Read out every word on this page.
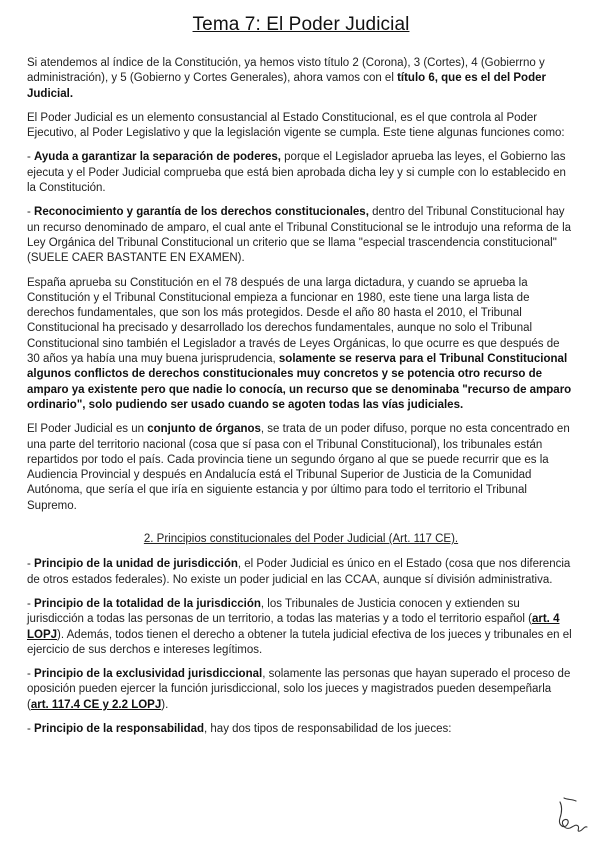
Tema 7: El Poder Judicial

Si atendemos al índice de la Constitución, ya hemos visto título 2 (Corona), 3 (Cortes), 4 (Gobierrno y administración), y 5 (Gobierno y Cortes Generales), ahora vamos con el título 6, que es el del Poder Judicial.

El Poder Judicial es un elemento consustancial al Estado Constitucional, es el que controla al Poder Ejecutivo, al Poder Legislativo y que la legislación vigente se cumpla. Este tiene algunas funciones como:

- Ayuda a garantizar la separación de poderes, porque el Legislador aprueba las leyes, el Gobierno las ejecuta y el Poder Judicial comprueba que está bien aprobada dicha ley y si cumple con lo establecido en la Constitución.

- Reconocimiento y garantía de los derechos constitucionales, dentro del Tribunal Constitucional hay un recurso denominado de amparo, el cual ante el Tribunal Constitucional se le introdujo una reforma de la Ley Orgánica del Tribunal Constitucional un criterio que se llama "especial trascendencia constitucional" (SUELE CAER BASTANTE EN EXAMEN).

España aprueba su Constitución en el 78 después de una larga dictadura, y cuando se aprueba la Constitución y el Tribunal Constitucional empieza a funcionar en 1980, este tiene una larga lista de derechos fundamentales, que son los más protegidos. Desde el año 80 hasta el 2010, el Tribunal Constitucional ha precisado y desarrollado los derechos fundamentales, aunque no solo el Tribunal Constitucional sino también el Legislador a través de Leyes Orgánicas, lo que ocurre es que después de 30 años ya había una muy buena jurisprudencia, solamente se reserva para el Tribunal Constitucional algunos conflictos de derechos constitucionales muy concretos y se potencia otro recurso de amparo ya existente pero que nadie lo conocía, un recurso que se denominaba "recurso de amparo ordinario", solo pudiendo ser usado cuando se agoten todas las vías judiciales.

El Poder Judicial es un conjunto de órganos, se trata de un poder difuso, porque no esta concentrado en una parte del territorio nacional (cosa que sí pasa con el Tribunal Constitucional), los tribunales están repartidos por todo el país. Cada provincia tiene un segundo órgano al que se puede recurrir que es la Audiencia Provincial y después en Andalucía está el Tribunal Superior de Justicia de la Comunidad Autónoma, que sería el que iría en siguiente estancia y por último para todo el territorio el Tribunal Supremo.

2. Principios constitucionales del Poder Judicial (Art. 117 CE).

- Principio de la unidad de jurisdicción, el Poder Judicial es único en el Estado (cosa que nos diferencia de otros estados federales). No existe un poder judicial en las CCAA, aunque sí división administrativa.

- Principio de la totalidad de la jurisdicción, los Tribunales de Justicia conocen y extienden su jurisdicción a todas las personas de un territorio, a todas las materias y a todo el territorio español (art. 4 LOPJ). Además, todos tienen el derecho a obtener la tutela judicial efectiva de los jueces y tribunales en el ejercicio de sus derchos e intereses legítimos.

- Principio de la exclusividad jurisdiccional, solamente las personas que hayan superado el proceso de oposición pueden ejercer la función jurisdiccional, solo los jueces y magistrados pueden desempeñarla (art. 117.4 CE y 2.2 LOPJ).

- Principio de la responsabilidad, hay dos tipos de responsabilidad de los jueces:
